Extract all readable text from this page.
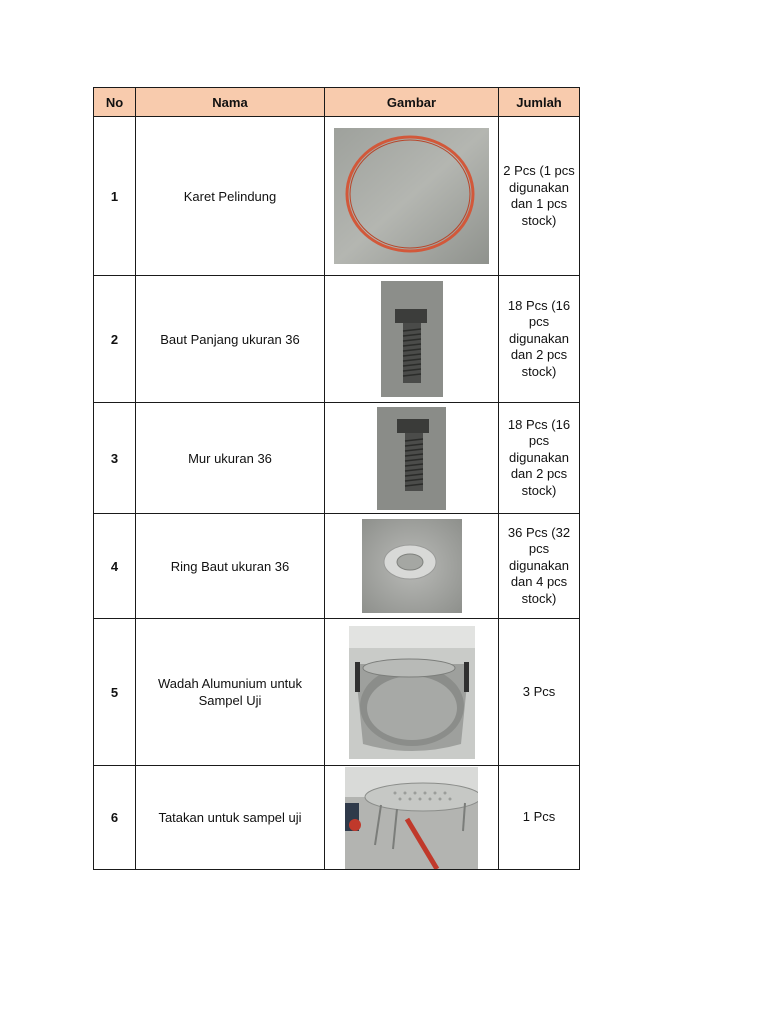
No	Nama	Gambar	Jumlah
1	Karet Pelindung		2 Pcs (1 pcs digunakan dan 1 pcs stock)
2	Baut Panjang ukuran 36		18 Pcs (16 pcs digunakan dan 2 pcs stock)
3	Mur ukuran 36		18 Pcs (16 pcs digunakan dan 2 pcs stock)
4	Ring Baut ukuran 36		36 Pcs (32 pcs digunakan dan 4 pcs stock)
5	Wadah Alumunium untuk Sampel Uji		3 Pcs
6	Tatakan untuk sampel uji		1 Pcs
